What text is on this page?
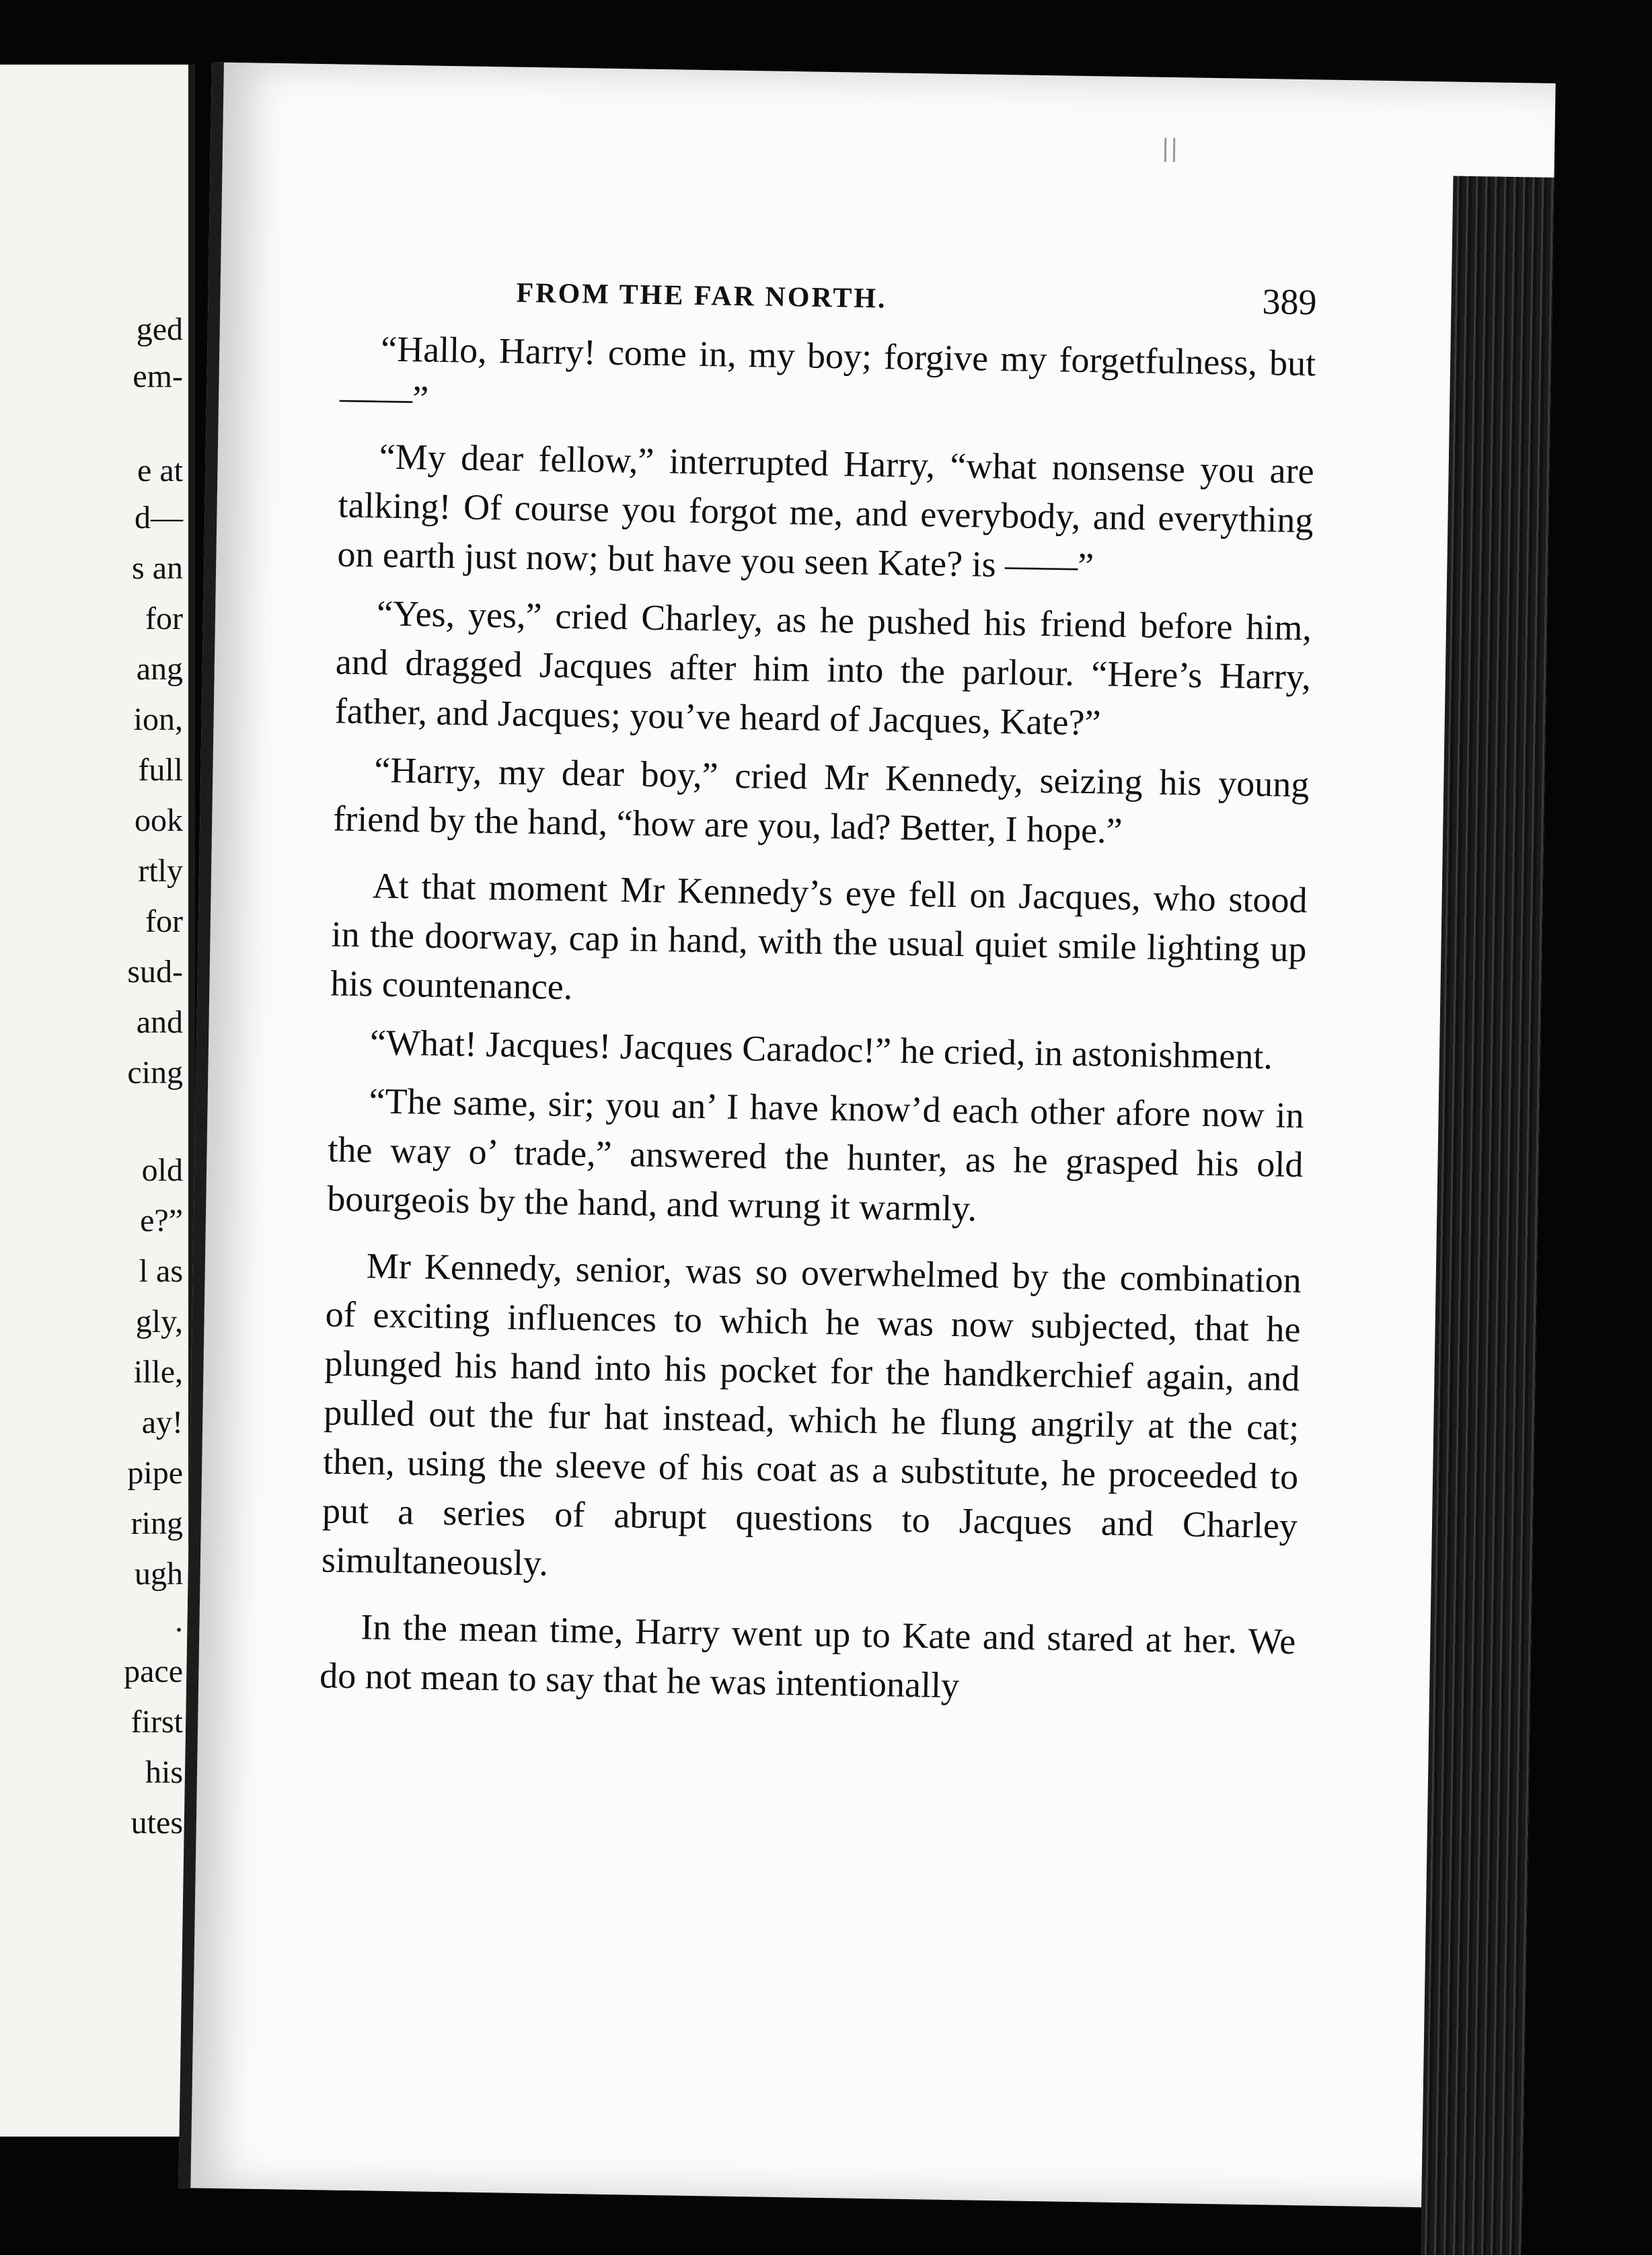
ged
em-
e at
d—
s an
for
ang
ion,
full
ook
rtly
for
sud-
and
cing
old
e?”
l as
gly,
ille,
ay!
pipe
ring
ugh
.
pace
first
his
utes
FROM THE FAR NORTH.	389

“Hallo, Harry! come in, my boy; forgive my forgetfulness, but ——”

“My dear fellow,” interrupted Harry, “what nonsense you are talking! Of course you forgot me, and everybody, and everything on earth just now; but have you seen Kate? is ——”

“Yes, yes,” cried Charley, as he pushed his friend before him, and dragged Jacques after him into the parlour. “Here’s Harry, father, and Jacques; you’ve heard of Jacques, Kate?”

“Harry, my dear boy,” cried Mr Kennedy, seizing his young friend by the hand, “how are you, lad? Better, I hope.”

At that moment Mr Kennedy’s eye fell on Jacques, who stood in the doorway, cap in hand, with the usual quiet smile lighting up his countenance.

“What! Jacques! Jacques Caradoc!” he cried, in astonishment.

“The same, sir; you an’ I have know’d each other afore now in the way o’ trade,” answered the hunter, as he grasped his old bourgeois by the hand, and wrung it warmly.

Mr Kennedy, senior, was so overwhelmed by the combination of exciting influences to which he was now subjected, that he plunged his hand into his pocket for the handkerchief again, and pulled out the fur hat instead, which he flung angrily at the cat; then, using the sleeve of his coat as a substitute, he proceeded to put a series of abrupt questions to Jacques and Charley simultaneously.

In the mean time, Harry went up to Kate and stared at her. We do not mean to say that he was intentionally
